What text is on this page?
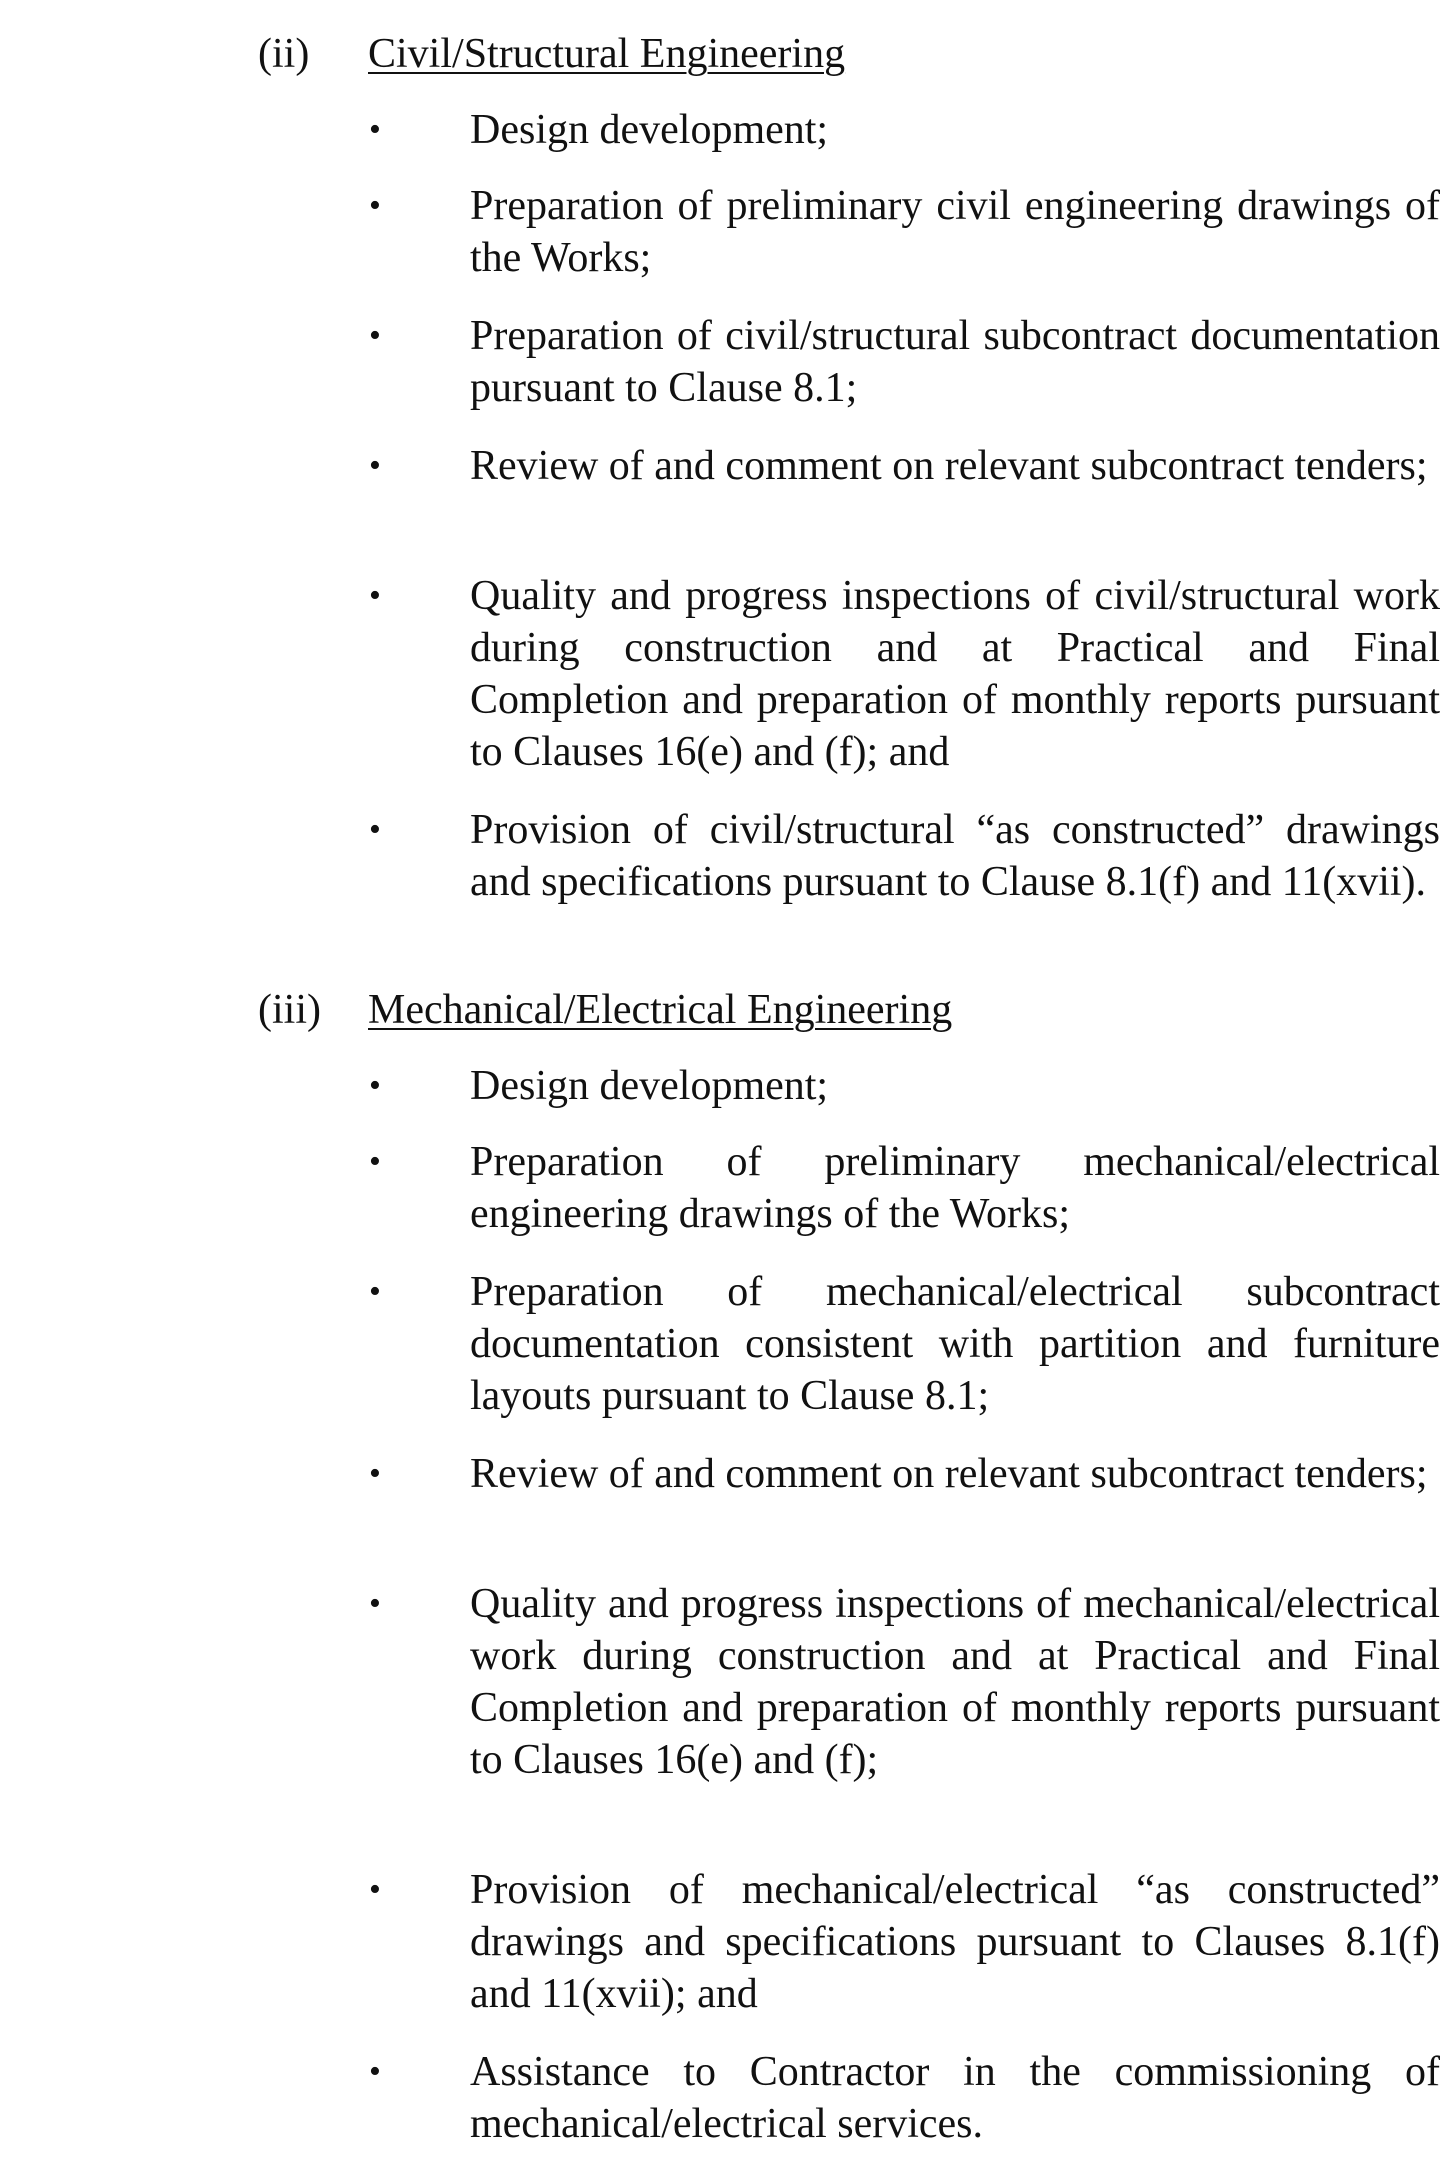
(ii) Civil/Structural Engineering
• Design development;
• Preparation of preliminary civil engineering drawings of the Works;
• Preparation of civil/structural subcontract documentation pursuant to Clause 8.1;
• Review of and comment on relevant subcontract tenders;
• Quality and progress inspections of civil/structural work during construction and at Practical and Final Completion and preparation of monthly reports pursuant to Clauses 16(e) and (f); and
• Provision of civil/structural “as constructed” drawings and specifications pursuant to Clause 8.1(f) and 11(xvii).
(iii) Mechanical/Electrical Engineering
• Design development;
• Preparation of preliminary mechanical/electrical engineering drawings of the Works;
• Preparation of mechanical/electrical subcontract documentation consistent with partition and furniture layouts pursuant to Clause 8.1;
• Review of and comment on relevant subcontract tenders;
• Quality and progress inspections of mechanical/electrical work during construction and at Practical and Final Completion and preparation of monthly reports pursuant to Clauses 16(e) and (f);
• Provision of mechanical/electrical “as constructed” drawings and specifications pursuant to Clauses 8.1(f) and 11(xvii); and
• Assistance to Contractor in the commissioning of mechanical/electrical services.
